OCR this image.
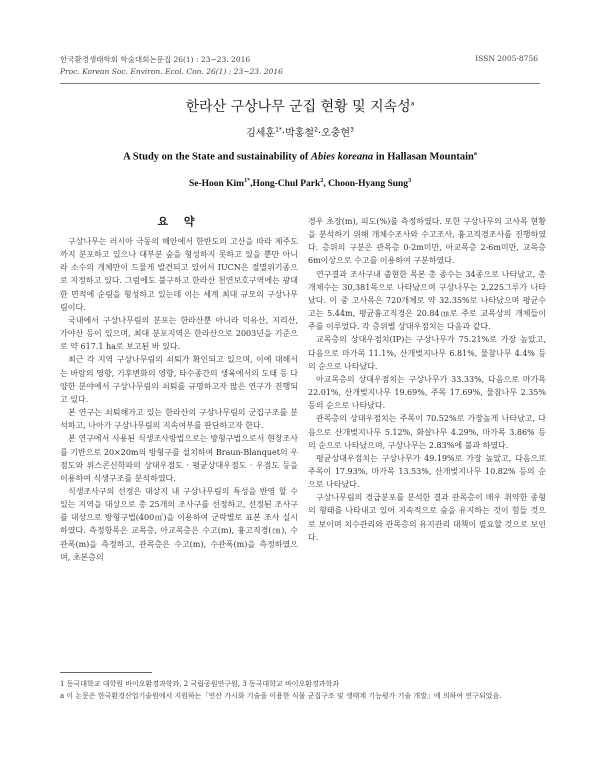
한국환경생태학회 학술대회논문집 26(1) : 23~23. 2016
Proc. Korean Soc. Environ. Ecol. Con. 26(1) : 23~23. 2016
ISSN 2005-8756
한라산 구상나무 군집 현황 및 지속성$^a$
김세훈$^{1*}$·박홍철$^2$·오충현$^3$
A Study on the State and sustainability of Abies koreana in Hallasan Mountain$^a$
Se-Hoon Kim$^{1*}$,Hong-Chul Park$^2$, Choon-Hyang Sung$^3$
요 약

구상나무는 러시아 극동의 해안에서 한반도의 고산을 따라 제주도까지 분포하고 있으나 대부분 숲을 형성하지 못하고 있을 뿐만 아니라 소수의 개체만이 드물게 발견되고 있어서 IUCN은 절멸위기종으로 지정하고 있다. 그럼에도 불구하고 한라산 천연보호구역에는 광대한 면적에 순림을 형성하고 있는데 이는 세계 최대 규모의 구상나무림이다.

국내에서 구상나무림의 분포는 한라산뿐 아니라 덕유산, 지리산, 가야산 등이 있으며, 최대 분포지역은 한라산으로 2003년을 기준으로 약 617.1 ha로 보고된 바 있다.

최근 각 지역 구상나무림의 쇠퇴가 확인되고 있으며, 이에 대해서는 바람의 영향, 기후변화의 영향, 타수종간의 생육에서의 도태 등 다양한 분야에서 구상나무림의 쇠퇴를 규명하고자 많은 연구가 진행되고 있다.

본 연구는 쇠퇴해가고 있는 한라산의 구상나무림의 군집구조를 분석하고, 나아가 구상나무림의 지속여부를 판단하고자 한다.

본 연구에서 사용된 식생조사방법으로는 방형구법으로서 현장조사를 기반으로 20×20m의 방형구를 설치하여 Braun-Blanquet의 우점도와 위스콘신학파의 상대우점도 · 평균상대우점도 · 우점도 등을 이용하여 식생구조를 분석하였다.

식생조사구의 선정은 대상지 내 구상나무림의 특성을 반영 할 수 있는 지역을 대상으로 총 25개의 조사구를 선정하고, 선정된 조사구를 대상으로 방형구법(400㎡)을 이용하여 군락별로 표본 조사 실시하였다. 측정항목은 교목층, 아교목층은 수고(m), 흉고직경(㎝), 수관폭(m)을 측정하고, 관목층은 수고(m), 수관폭(m)을 측정하였으며, 초본층의

경우 초장(m), 피도(%)를 측정하였다. 또한 구상나무의 고사목 현황을 분석하기 위해 개체수조사와 수고조사, 흉고직경조사를 진행하였다. 층위의 구분은 관목층 0-2m미만, 아교목층 2-6m미만, 교목층 6m이상으로 수고를 이용하여 구분하였다.

연구결과 조사구내 출현한 목본 총 종수는 34종으로 나타났고, 총 개체수는 30,381목으로 나타났으며 구상나무는 2,225그루가 나타났다. 이 중 고사목은 720개체로 약 32.35%로 나타났으며 평균수고는 5.44m, 평균흉고직경은 20.84㎝로 주로 교목상의 개체들이 주를 이루었다. 각 층위별 상대우점치는 다음과 같다.

교목층의 상대우점치(IP)는 구상나무가 75.21%로 가장 높았고, 다음으로 마가목 11.1%, 산개벚지나무 6.81%, 물참나무 4.4% 등의 순으로 나타났다.

아교목층의 상대우점치는 구상나무가 33.33%, 다음으로 마가목 22.01%, 산개벚지나무 19.69%, 주목 17.69%, 물참나무 2.35% 등의 순으로 나타났다.

관목층의 상대우점치는 주목이 70.52%로 가장높게 나타났고, 다음으로 산개벚지나무 5.12%, 화살나무 4.29%, 마가목 3.86% 등의 순으로 나타났으며, 구상나무는 2.83%에 불과 하였다.

평균상대우점치는 구상나무가 49.19%로 가장 높았고, 다음으로 주목이 17.93%, 마가목 13.53%, 산개벚지나무 10.82% 등의 순으로 나타났다.

구상나무림의 경급분포를 분석한 결과 관목층이 매우 취약한 종형의 형태를 나타내고 있어 지속적으로 숲을 유지하는 것이 힘들 것으로 보이며 치수관리와 관목층의 유지관리 대책이 필요할 것으로 보인다.

1 동국대학교 대학원 바이오환경과학과, 2 국립공원연구원, 3 동국대학교 바이오환경과학과
a 이 논문은 한국환경산업기술원에서 지원하는「연산 가시화 기술을 이용한 식물 군집구조 및 생태계 기능평가 기술 개발」에 의하여 연구되었음.
